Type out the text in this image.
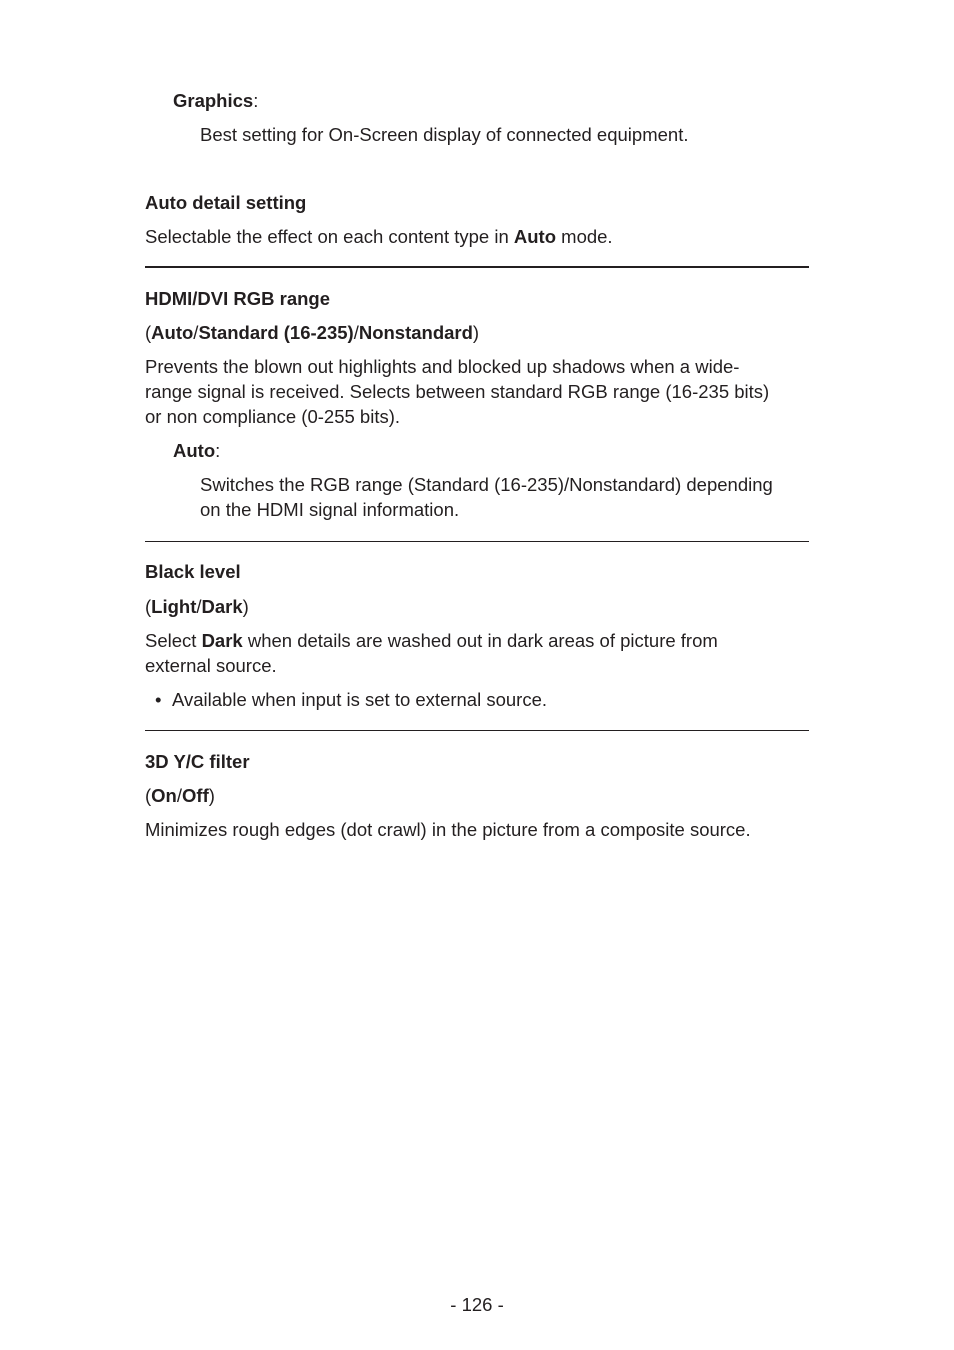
Graphics:
Best setting for On-Screen display of connected equipment.
Auto detail setting
Selectable the effect on each content type in Auto mode.
HDMI/DVI RGB range
(Auto/Standard (16-235)/Nonstandard)
Prevents the blown out highlights and blocked up shadows when a wide-
range signal is received. Selects between standard RGB range (16-235 bits)
or non compliance (0-255 bits).
Auto:
Switches the RGB range (Standard (16-235)/Nonstandard) depending
on the HDMI signal information.
Black level
(Light/Dark)
Select Dark when details are washed out in dark areas of picture from
external source.
• Available when input is set to external source.
3D Y/C filter
(On/Off)
Minimizes rough edges (dot crawl) in the picture from a composite source.
- 126 -
